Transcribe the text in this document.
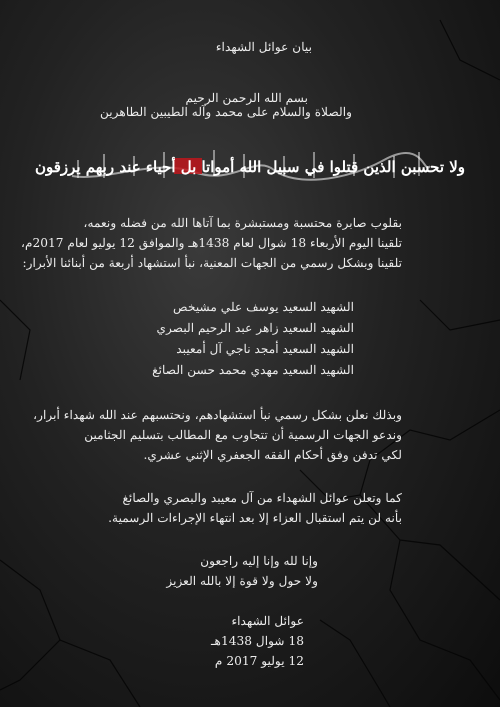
بيان عوائل الشهداء
بسم الله الرحمن الرحيم
والصلاة والسلام على محمد وآله الطيبين الطاهرين
ولا تحسبن الذين قتلوا في سبيل الله أمواتا بل أحياء عند ربهم يرزقون
بقلوب صابرة محتسبة ومستبشرة بما آتاها الله من فضله ونعمه،
تلقينا اليوم الأربعاء 18 شوال لعام 1438هـ والموافق 12 يوليو لعام 2017م،
تلقينا وبشكل رسمي من الجهات المعنية، نبأ استشهاد أربعة من أبنائنا الأبرار:
الشهيد السعيد يوسف علي مشيخص
الشهيد السعيد زاهر عبد الرحيم البصري
الشهيد السعيد أمجد ناجي آل أمعيبد
الشهيد السعيد مهدي محمد حسن الصائغ
وبذلك نعلن بشكل رسمي نبأ استشهادهم، ونحتسبهم عند الله شهداء أبرار،
وندعو الجهات الرسمية أن تتجاوب مع المطالب بتسليم الجثامين
لكي تدفن وفق أحكام الفقه الجعفري الإثني عشري.
كما وتعلن عوائل الشهداء من آل معيبد والبصري والصائغ
بأنه لن يتم استقبال العزاء إلا بعد انتهاء الإجراءات الرسمية.
وإنا لله وإنا إليه راجعون
ولا حول ولا قوة إلا بالله العزيز
عوائل الشهداء
18 شوال 1438هـ
12 يوليو 2017 م
